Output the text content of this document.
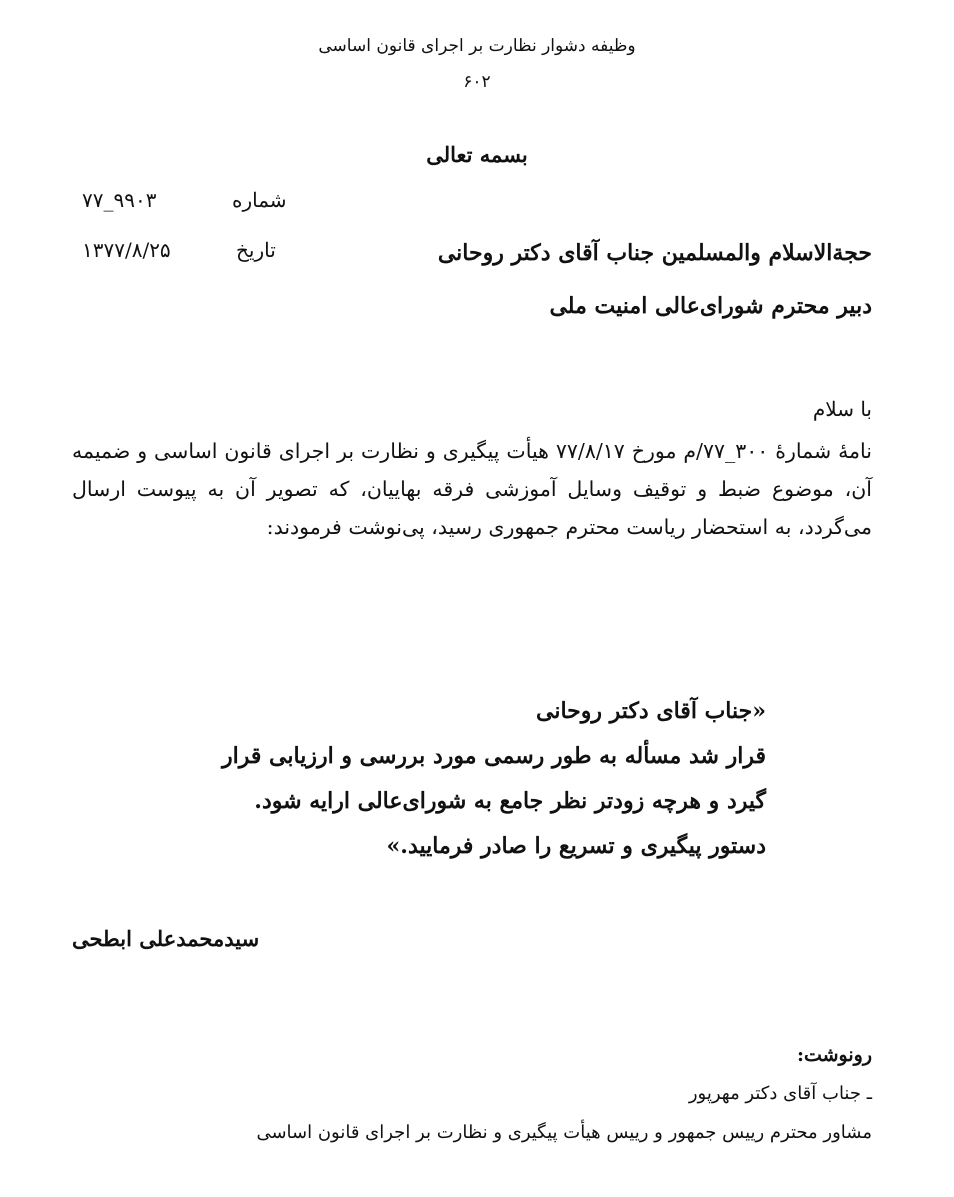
وظیفه دشوار نظارت بر اجرای قانون اساسی
۶۰۲
بسمه تعالی
شماره
۷۷_۹۹۰۳
تاریخ
۱۳۷۷/۸/۲۵	حجة‌الاسلام والمسلمین جناب آقای دکتر روحانی
دبیر محترم شورای‌عالی امنیت ملی
با سلام
نامهٔ شمارهٔ ۳۰۰_۷۷/م مورخ ۷۷/۸/۱۷ هیأت پیگیری و نظارت بر اجرای قانون اساسی و ضمیمه آن، موضوع ضبط و توقیف وسایل آموزشی فرقه بهاییان، که تصویر آن به پیوست ارسال می‌گردد، به استحضار ریاست محترم جمهوری رسید، پی‌نوشت فرمودند:
«جناب آقای دکتر روحانی
قرار شد مسأله به طور رسمی مورد بررسی و ارزیابی قرار
گیرد و هرچه زودتر نظر جامع به شورای‌عالی ارایه شود.
دستور پیگیری و تسریع را صادر فرمایید.»
سیدمحمدعلی ابطحی
رونوشت:
ـ جناب آقای دکتر مهرپور
مشاور محترم رییس جمهور و رییس هیأت پیگیری و نظارت بر اجرای قانون اساسی
